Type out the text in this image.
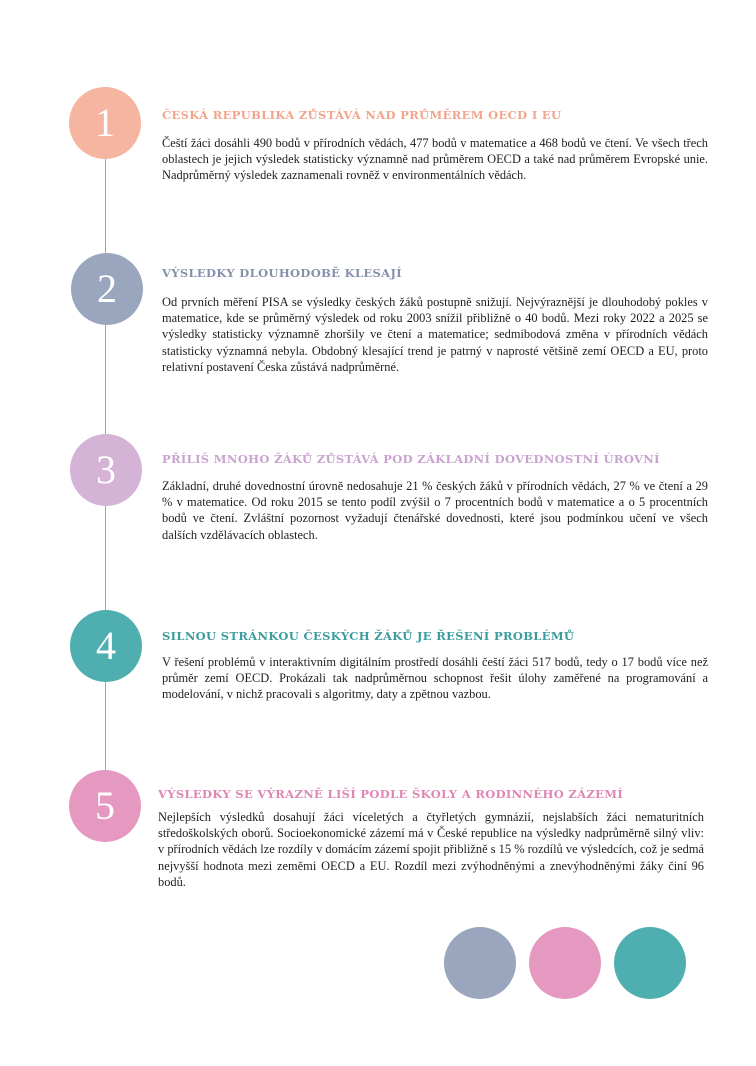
1	ČESKÁ REPUBLIKA ZŮSTÁVÁ NAD PRŮMĚREM OECD I EU

Čeští žáci dosáhli 490 bodů v přírodních vědách, 477 bodů v matematice a 468 bodů ve čtení. Ve všech třech oblastech je jejich výsledek statisticky významně nad průměrem OECD a také nad průměrem Evropské unie. Nadprůměrný výsledek zaznamenali rovněž v environmentálních vědách.

2	VÝSLEDKY DLOUHODOBĚ KLESAJÍ

Od prvních měření PISA se výsledky českých žáků postupně snižují. Nejvýraznější je dlouhodobý pokles v matematice, kde se průměrný výsledek od roku 2003 snížil přibližně o 40 bodů. Mezi roky 2022 a 2025 se výsledky statisticky významně zhoršily ve čtení a matematice; sedmibodová změna v přírodních vědách statisticky významná nebyla. Obdobný klesající trend je patrný v naprosté většině zemí OECD a EU, proto relativní postavení Česka zůstává nadprůměrné.

3	PŘÍLIŠ MNOHO ŽÁKŮ ZŮSTÁVÁ POD ZÁKLADNÍ DOVEDNOSTNÍ ÚROVNÍ

Základní, druhé dovednostní úrovně nedosahuje 21 % českých žáků v přírodních vědách, 27 % ve čtení a 29 % v matematice. Od roku 2015 se tento podíl zvýšil o 7 procentních bodů v matematice a o 5 procentních bodů ve čtení. Zvláštní pozornost vyžadují čtenářské dovednosti, které jsou podmínkou učení ve všech dalších vzdělávacích oblastech.

4	SILNOU STRÁNKOU ČESKÝCH ŽÁKŮ JE ŘEŠENÍ PROBLÉMŮ

V řešení problémů v interaktivním digitálním prostředí dosáhli čeští žáci 517 bodů, tedy o 17 bodů více než průměr zemí OECD. Prokázali tak nadprůměrnou schopnost řešit úlohy zaměřené na programování a modelování, v nichž pracovali s algoritmy, daty a zpětnou vazbou.

5	VÝSLEDKY SE VÝRAZNĚ LIŠÍ PODLE ŠKOLY A RODINNÉHO ZÁZEMÍ

Nejlepších výsledků dosahují žáci víceletých a čtyřletých gymnázií, nejslabších žáci nematuritních středoškolských oborů. Socioekonomické zázemí má v České republice na výsledky nadprůměrně silný vliv: v přírodních vědách lze rozdíly v domácím zázemí spojit přibližně s 15 % rozdílů ve výsledcích, což je sedmá nejvyšší hodnota mezi zeměmi OECD a EU. Rozdíl mezi zvýhodněnými a znevýhodněnými žáky činí 96 bodů.
